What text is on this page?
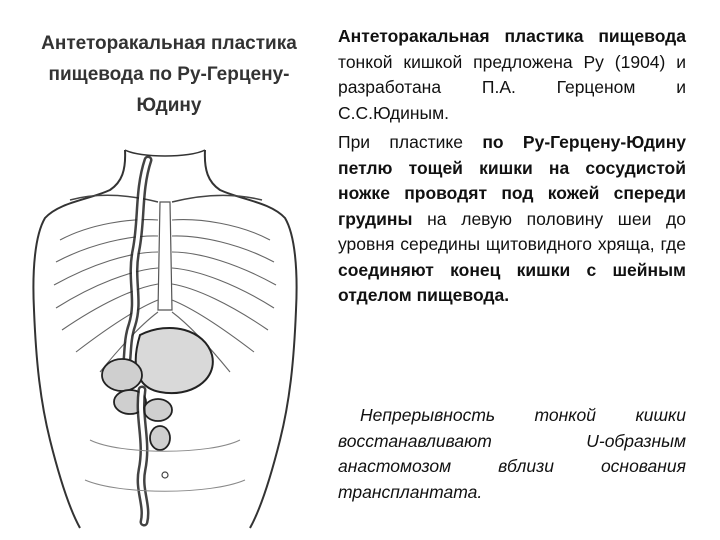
Антеторакальная пластика пищевода по Ру-Герцену-Юдину

Антеторакальная пластика пищевода тонкой кишкой предложена Ру (1904) и разработана П.А. Герценом и С.С.Юдиным.

При пластике по Ру-Герцену-Юдину петлю тощей кишки на сосудистой ножке проводят под кожей спереди грудины на левую половину шеи до уровня середины щитовидного хряща, где соединяют конец кишки с шейным отделом пищевода.

Непрерывность тонкой кишки восстанавливают U-образным анастомозом вблизи основания трансплантата.
